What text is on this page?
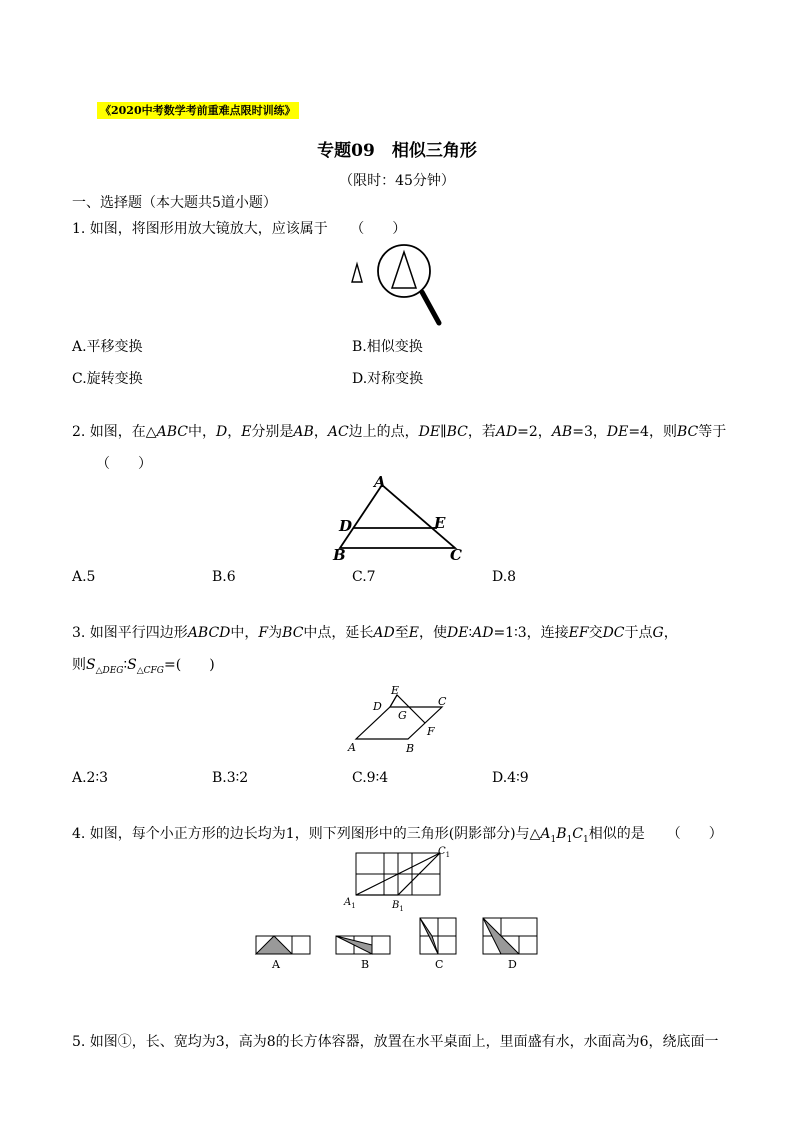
《2020中考数学考前重难点限时训练》
专题09　相似三角形
（限时：45分钟）
一、选择题（本大题共5道小题）
1. 如图，将图形用放大镜放大，应该属于 （　　）
A.平移变换	B.相似变换
C.旋转变换	D.对称变换
2. 如图，在△ABC中，D，E分别是AB，AC边上的点，DE∥BC，若AD=2，AB=3，DE=4，则BC等于
（　　）
A
D	E
B	C
A.5	B.6	C.7	D.8
3. 如图平行四边形ABCD中，F为BC中点，延长AD至E，使DE∶AD=1∶3，连接EF交DC于点G，
则$S_{\triangle DEG}∶S_{\triangle CFG}=$(　　)
A	B
C
D
E
F
G
A.2∶3	B.3∶2	C.9∶4	D.4∶9
4. 如图，每个小正方形的边长均为1，则下列图形中的三角形(阴影部分)与$\triangle A_1B_1C_1$相似的是 （　　）
$A_1$	$B_1$
$C_1$
A	B	C	D
5. 如图①，长、宽均为3，高为8的长方体容器，放置在水平桌面上，里面盛有水，水面高为6，绕底面一
